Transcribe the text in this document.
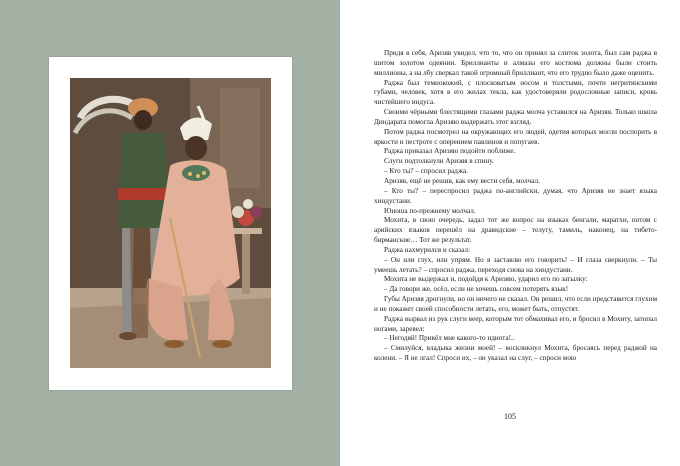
Придя в себя, Аризяв увидел, что то, что он принял за слиток золота, был сам раджа в шитом золотом одеянии. Бриллианты и алмазы его костюма должны были стоить миллионы, а на лбу сверкал такой огромный бриллиант, что его трудно было даже оценить.

Раджа был темнокожий, с плосковатым носом и толстыми, почти негритянскими губами, человек, хотя в его жилах текла, как удостоверяли родословные записи, кровь чистейшего индуса.

Своими чёрными блестящими глазами раджа молча уставился на Аризяя. Только школа Диндарата помогла Аризяю выдержать этот взгляд.

Потом раджа посмотрел на окружающих его людей, одетия которых могли поспорить в яркости и пестроте с оперением павлинов и попугаев.

Раджа приказал Аризяю подойти поближе.

Слуги подтолкнули Аризяя в спину.

– Кто ты? – спросил раджа.

Аризяв, ещё не решив, как ему вести себя, молчал.

– Кто ты? – переспросил раджа по-английски, думая, что Аризяв не знает языка хиндустани.

Юноша по-прежнему молчал.

Мохита, в свою очередь, задал тот же вопрос на языках бенгали, маратхи, потом с арийских языков перешёл на дравидские – телугу, тамиль, наконец, на тибето-бирманские… Тот же результат.

Раджа нахмурился и сказал:

– Он или глух, или упрям. Но я заставлю его говорить! – И глаза сверкнули. – Ты умеешь летать? – спросил раджа, переходя снова на хиндустани.

Мохита не выдержал и, подойдя к Аризяю, ударил его по затылку:

– Да говори же, осёл, если не хочешь совсем потерять язык!

Губы Аризяя дрогнули, но он ничего не сказал. Он решил, что если представится глухим и не покажет своей способности летать, его, может быть, отпустят.

Раджа вырвал из рук слуги веер, которым тот обмахивал его, и бросил в Мохиту, затопал ногами, заревел:

– Негодяй! Привёл мне какого-то идиота!..

– Смилуйся, владыка жизни моей! – воскликнул Мохита, бросаясь перед раджой на колени. – Я не лгал! Спроси их, – он указал на слуг, – спроси мою

105
